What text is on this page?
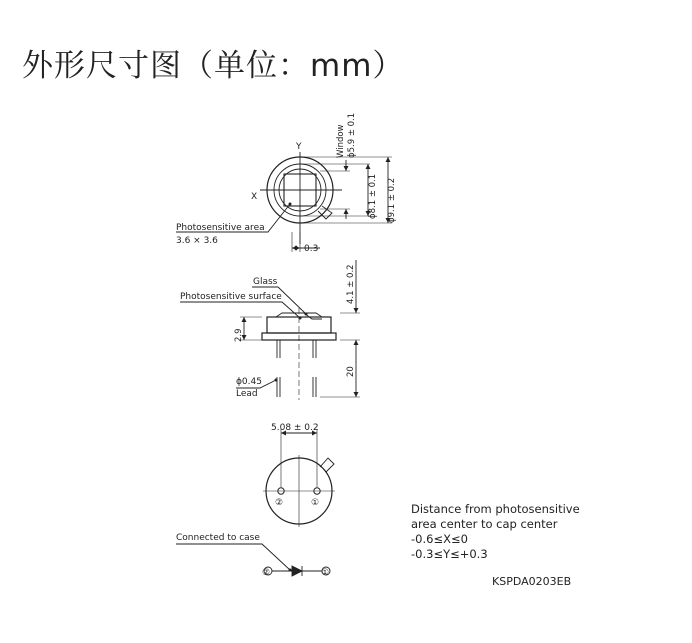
外形尺寸图（单位：mm）
Y
X
Window ϕ5.9 ± 0.1
ϕ8.1 ± 0.1 ϕ9.1 ± 0.2
Photosensitive area
3.6 × 3.6
0.3
Glass
Photosensitive surface	4.1 ± 0.2
2.9
20
ϕ0.45
Lead
5.08 ± 0.2
②	①
Connected to case
②	①
Distance from photosensitive
area center to cap center
-0.6≤X≤0
-0.3≤Y≤+0.3
KSPDA0203EB
